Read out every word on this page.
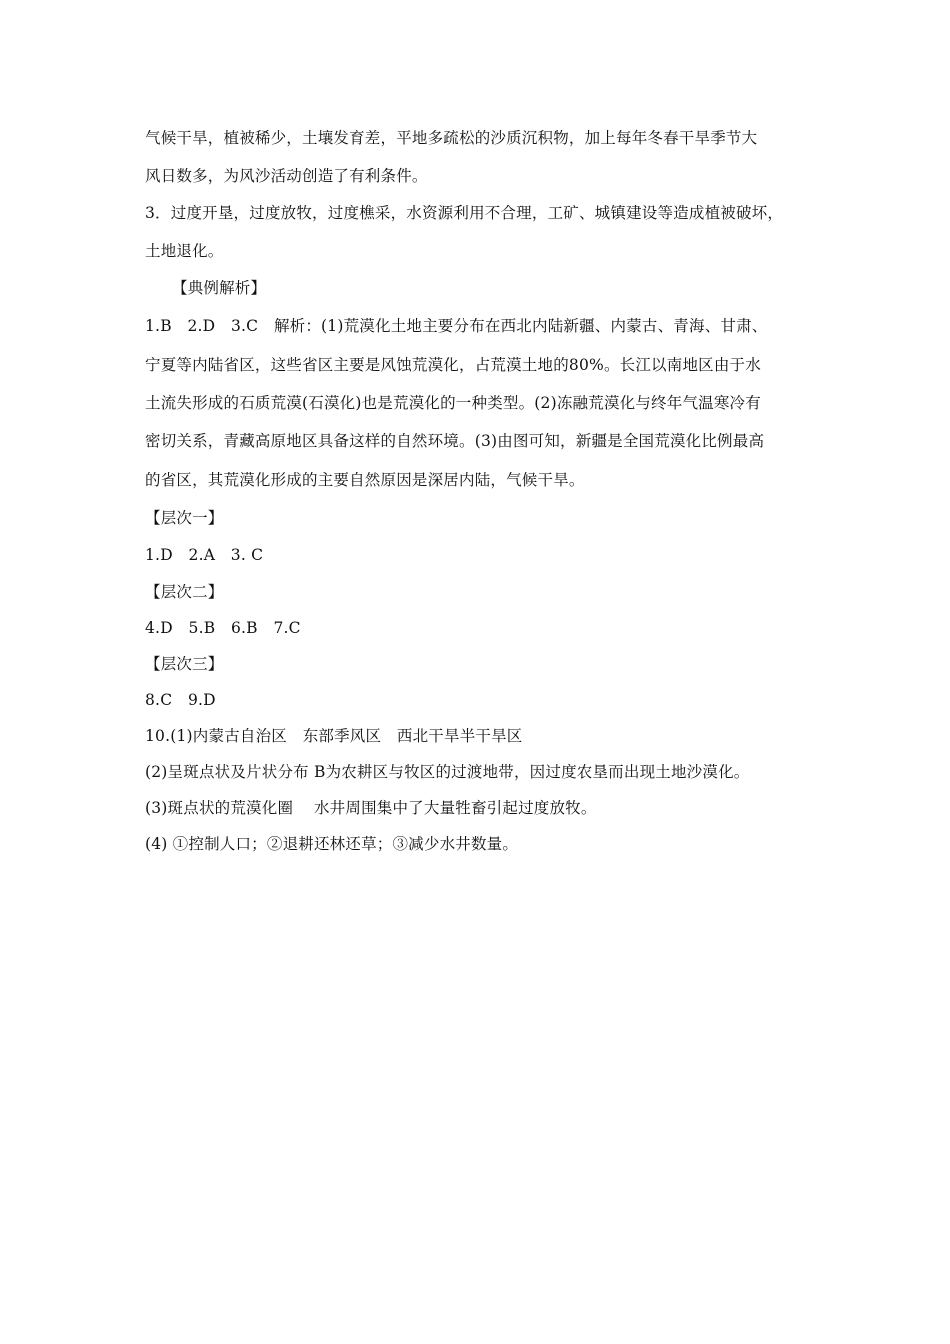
气候干旱，植被稀少，土壤发育差，平地多疏松的沙质沉积物，加上每年冬春干旱季节大
风日数多，为风沙活动创造了有利条件。
3．过度开垦，过度放牧，过度樵采，水资源利用不合理，工矿、城镇建设等造成植被破坏，
土地退化。
【典例解析】
1.B　2.D　3.C　解析：(1)荒漠化土地主要分布在西北内陆新疆、内蒙古、青海、甘肃、
宁夏等内陆省区，这些省区主要是风蚀荒漠化，占荒漠土地的80%。长江以南地区由于水
土流失形成的石质荒漠(石漠化)也是荒漠化的一种类型。(2)冻融荒漠化与终年气温寒冷有
密切关系，青藏高原地区具备这样的自然环境。(3)由图可知，新疆是全国荒漠化比例最高
的省区，其荒漠化形成的主要自然原因是深居内陆，气候干旱。
【层次一】
1.D　2.A　3. C
【层次二】
4.D　5.B　6.B　7.C
【层次三】
8.C　9.D
10.(1)内蒙古自治区　东部季风区　西北干旱半干旱区
(2)呈斑点状及片状分布 B为农耕区与牧区的过渡地带，因过度农垦而出现土地沙漠化。
(3)斑点状的荒漠化圈　 水井周围集中了大量牲畜引起过度放牧。
(4) ①控制人口；②退耕还林还草；③减少水井数量。
